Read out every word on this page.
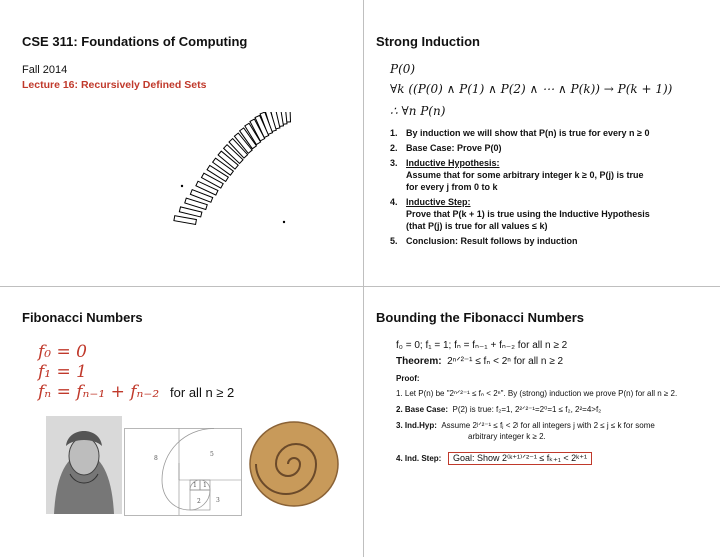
CSE 311: Foundations of Computing
Fall 2014
Lecture 16: Recursively Defined Sets
Strong Induction
P(0)
∀k ((P(0) ∧ P(1) ∧ P(2) ∧ ⋯ ∧ P(k)) → P(k + 1))
∴ ∀n P(n)
1. By induction we will show that P(n) is true for every n ≥ 0
2. Base Case: Prove P(0)
3. Inductive Hypothesis:
Assume that for some arbitrary integer k ≥ 0, P(j) is true
for every j from 0 to k
4. Inductive Step:
Prove that P(k + 1) is true using the Inductive Hypothesis
(that P(j) is true for all values ≤ k)
5. Conclusion: Result follows by induction
Fibonacci Numbers
f₀ = 0
f₁ = 1
fₙ = fₙ₋₁ + fₙ₋₂ for all n ≥ 2
5
8
1 1
2	3
Bounding the Fibonacci Numbers
f₀ = 0; f₁ = 1; fₙ = fₙ₋₁ + fₙ₋₂ for all n ≥ 2
Theorem: 2ⁿᐟ²⁻¹ ≤ fₙ < 2ⁿ for all n ≥ 2
Proof:
1. Let P(n) be "2ⁿᐟ²⁻¹ ≤ fₙ < 2ⁿ". By (strong) induction we prove P(n) for all n ≥ 2.
2. Base Case: P(2) is true: f₂=1, 2²ᐟ²⁻¹=2⁰=1 ≤ f₂, 2²=4>f₂
3. Ind.Hyp: Assume 2ʲᐟ²⁻¹ ≤ fⱼ < 2ʲ for all integers j with 2 ≤ j ≤ k for some
arbitrary integer k ≥ 2.
4. Ind. Step: Goal: Show 2⁽ᵏ⁺¹⁾ᐟ²⁻¹ ≤ fₖ₊₁ < 2ᵏ⁺¹
